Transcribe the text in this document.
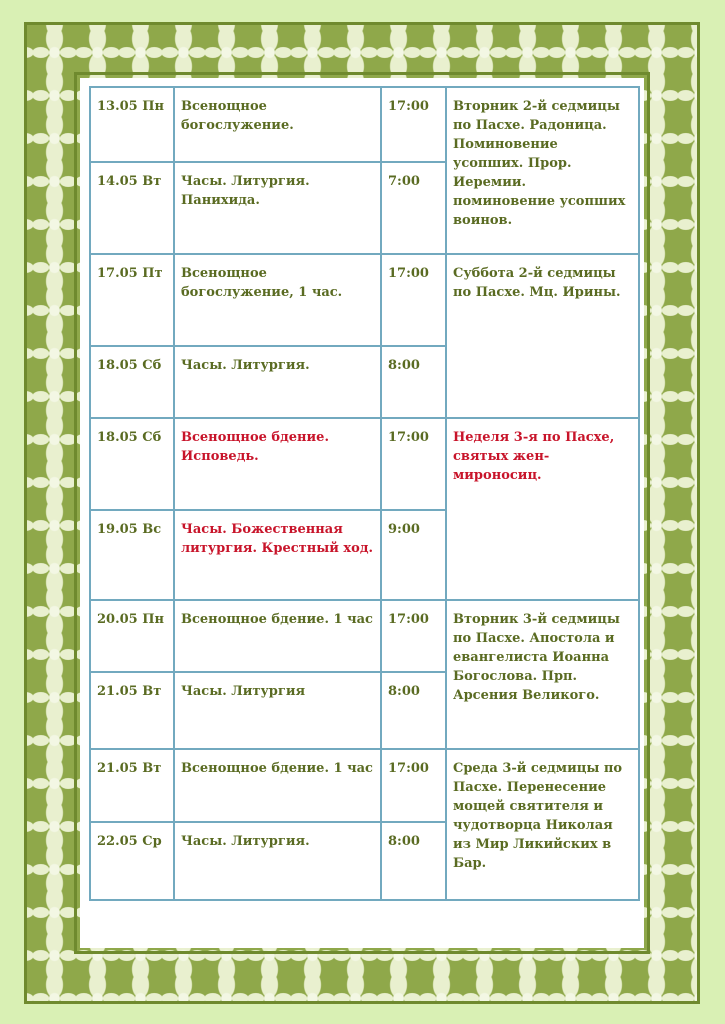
13.05 Пн	Всенощное богослужение.	17:00	Вторник 2-й седмицы по Пасхе. Радоница. Поминовение усопших. Прор. Иеремии. поминовение усопших воинов.
14.05 Вт	Часы. Литургия. Панихида.	7:00	
17.05 Пт	Всенощное богослужение, 1 час.	17:00	Суббота 2-й седмицы по Пасхе. Мц. Ирины.
18.05 Сб	Часы. Литургия.	8:00	
18.05 Сб	Всенощное бдение. Исповедь.	17:00	Неделя 3-я по Пасхе, святых жен-мироносиц.
19.05 Вс	Часы. Божественная литургия. Крестный ход.	9:00	
20.05 Пн	Всенощное бдение. 1 час	17:00	Вторник 3-й седмицы по Пасхе. Апостола и евангелиста Иоанна Богослова. Прп. Арсения Великого.
21.05 Вт	Часы. Литургия	8:00	
21.05 Вт	Всенощное бдение. 1 час	17:00	Среда 3-й седмицы по Пасхе. Перенесение мощей святителя и чудотворца Николая из Мир Ликийских в Бар.
22.05 Ср	Часы. Литургия.	8:00	
